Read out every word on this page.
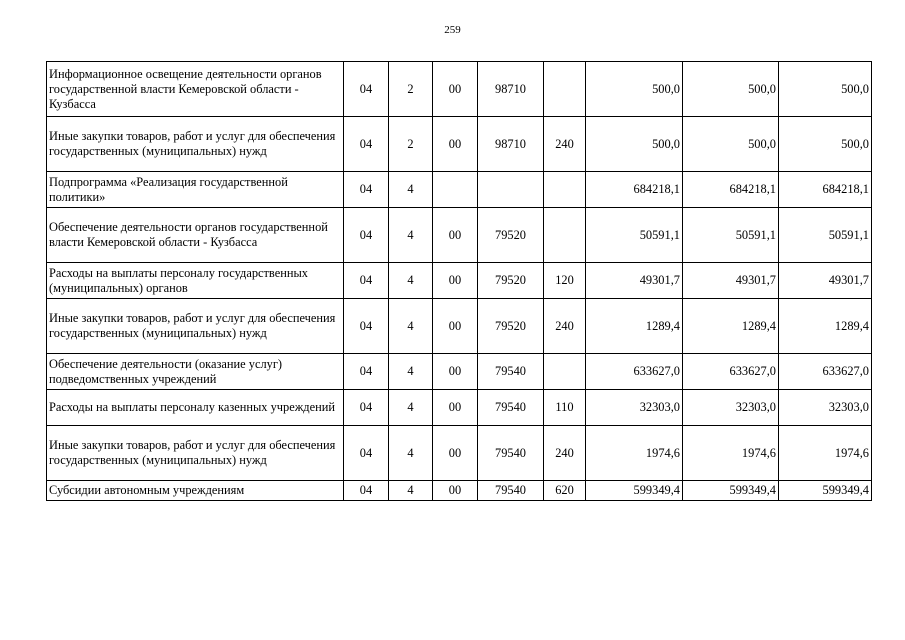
259
Информационное освещение деятельности органов государственной власти Кемеровской области - Кузбасса	04	2	00	98710		500,0	500,0	500,0
Иные закупки товаров, работ и услуг для обеспечения государственных (муниципальных) нужд	04	2	00	98710	240	500,0	500,0	500,0
Подпрограмма «Реализация государственной политики»	04	4				684218,1	684218,1	684218,1
Обеспечение деятельности органов государственной власти Кемеровской области - Кузбасса	04	4	00	79520		50591,1	50591,1	50591,1
Расходы на выплаты персоналу государственных (муниципальных) органов	04	4	00	79520	120	49301,7	49301,7	49301,7
Иные закупки товаров, работ и услуг для обеспечения государственных (муниципальных) нужд	04	4	00	79520	240	1289,4	1289,4	1289,4
Обеспечение деятельности (оказание услуг) подведомственных учреждений	04	4	00	79540		633627,0	633627,0	633627,0
Расходы на выплаты персоналу казенных учреждений	04	4	00	79540	110	32303,0	32303,0	32303,0
Иные закупки товаров, работ и услуг для обеспечения государственных (муниципальных) нужд	04	4	00	79540	240	1974,6	1974,6	1974,6
Субсидии автономным учреждениям	04	4	00	79540	620	599349,4	599349,4	599349,4
